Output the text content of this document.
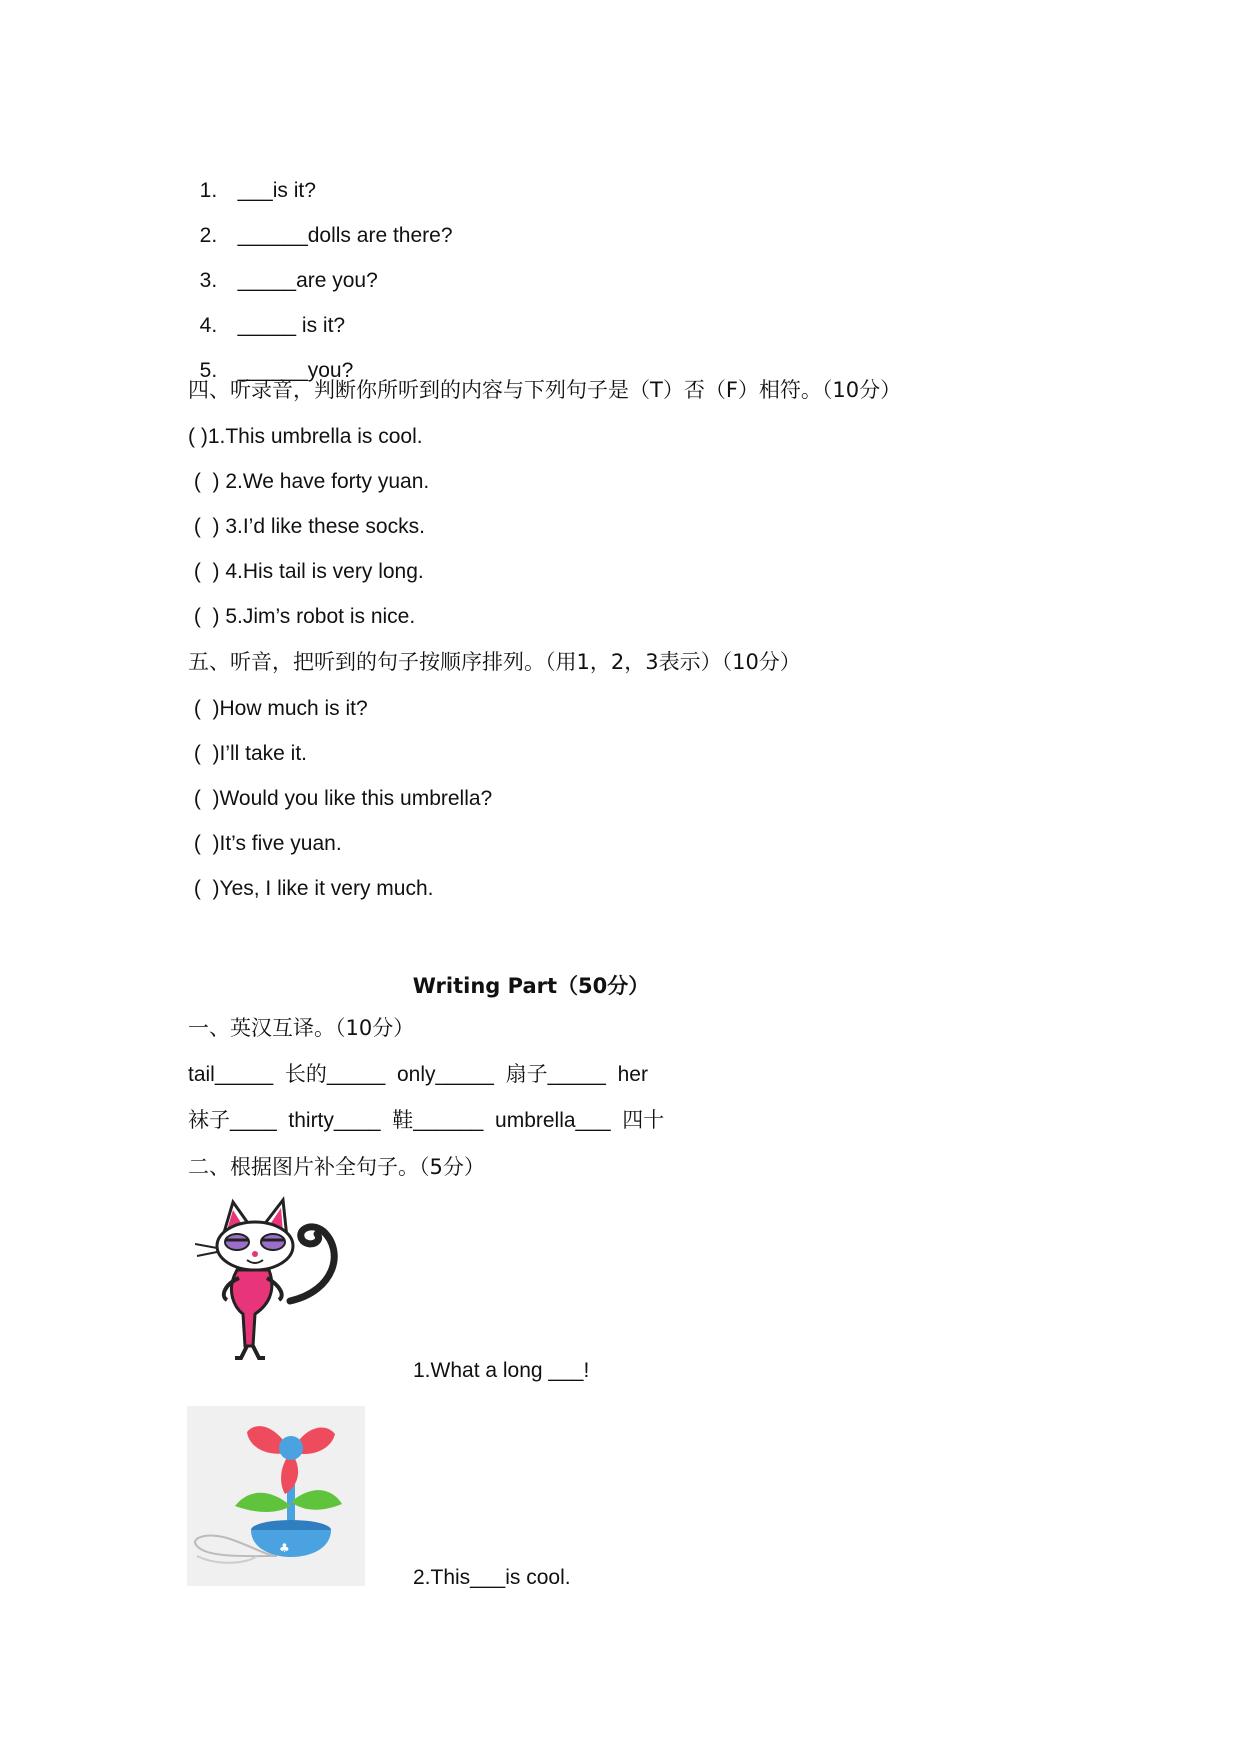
1. ___is it?

2. ______dolls are there?

3. _____are you?

4. _____ is it?

5. ______you?

四、听录音，判断你所听到的内容与下列句子是（T）否（F）相符。（10分）
( )1.This umbrella is cool.
(  ) 2.We have forty yuan.
(  ) 3.I’d like these socks.
(  ) 4.His tail is very long.
(  ) 5.Jim’s robot is nice.
五、听音，把听到的句子按顺序排列。（用1，2，3表示）（10分）
(  )How much is it?
(  )I’ll take it.
(  )Would you like this umbrella?
(  )It’s five yuan.
(  )Yes, I like it very much.
Writing Part（50分）
一、英汉互译。（10分）
tail_____  长的_____  only_____  扇子_____  her
袜子____  thirty____  鞋______  umbrella___  四十
二、根据图片补全句子。（5分）
1.What a long ___!
♣
2.This___is cool.
